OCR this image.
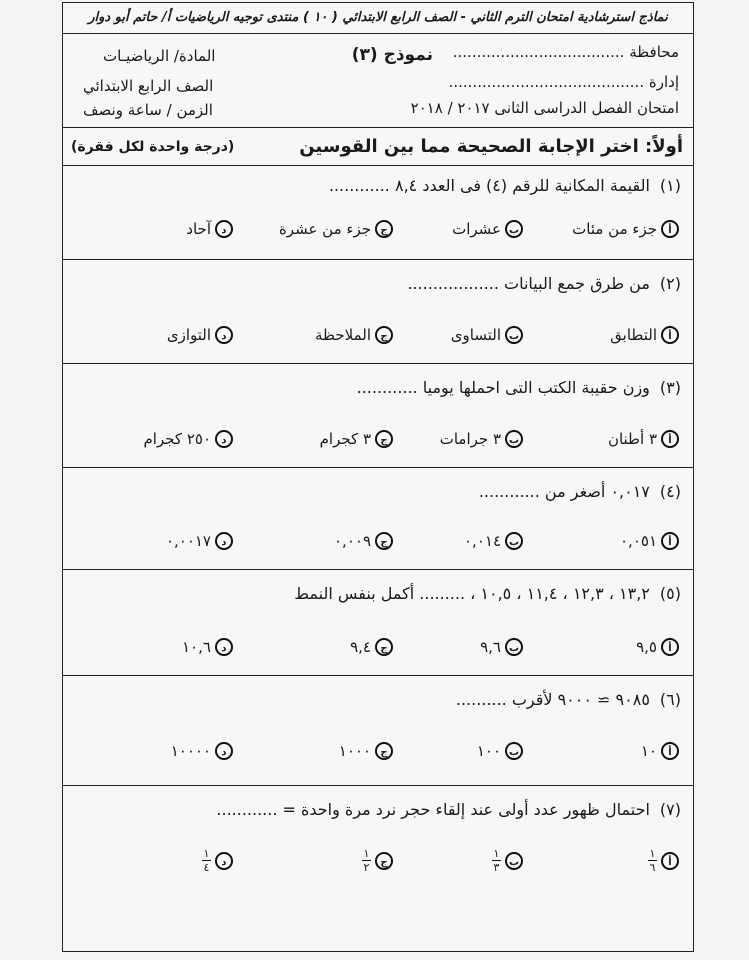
نماذج استرشادية امتحان الترم الثاني - الصف الرابع الابتدائي ( ١٠ ) منتدى توجيه الرياضيات أ/ حاتم أبو دوار
محافظة ....................................
إدارة .........................................
امتحان الفصل الدراسى الثانى ٢٠١٧ / ٢٠١٨
نموذج (٣)
المادة/ الرياضيـات
الصف الرابع الابتدائي
الزمن / ساعة ونصف
أولاً: اختر الإجابة الصحيحة مما بين القوسين
(درجة واحدة لكل فقرة)
(١)القيمة المكانية للرقم (٤) فى العدد ٨,٤ ............
أ
جزء من مئات
ب
عشرات
ج
جزء من عشرة
د
آحاد
(٢)من طرق جمع البيانات ..................
أ
التطابق
ب
التساوى
ج
الملاحظة
د
التوازى
(٣)وزن حقيبة الكتب التى احملها يوميا ............
أ
٣ أطنان
ب
٣ جرامات
ج
٣ كجرام
د
٢٥٠ كجرام
(٤)٠,٠١٧ أصغر من ............
أ
٠,٠٥١
ب
٠,٠١٤
ج
٠,٠٠٩
د
٠,٠٠١٧
(٥)١٣,٢ ، ١٢,٣ ، ١١,٤ ، ١٠,٥ ، ......... أكمل بنفس النمط
أ
٩,٥
ب
٩,٦
ج
٩,٤
د
١٠,٦
(٦)٩٠٨٥ ≃ ٩٠٠٠ لأقرب ..........
أ
١٠
ب
١٠٠
ج
١٠٠٠
د
١٠٠٠٠
(٧)احتمال ظهور عدد أولى عند إلقاء حجر نرد مرة واحدة = ............
أ
$\frac{١}{٦}$
ب
$\frac{١}{٣}$
ج
$\frac{١}{٢}$
د
$\frac{١}{٤}$
